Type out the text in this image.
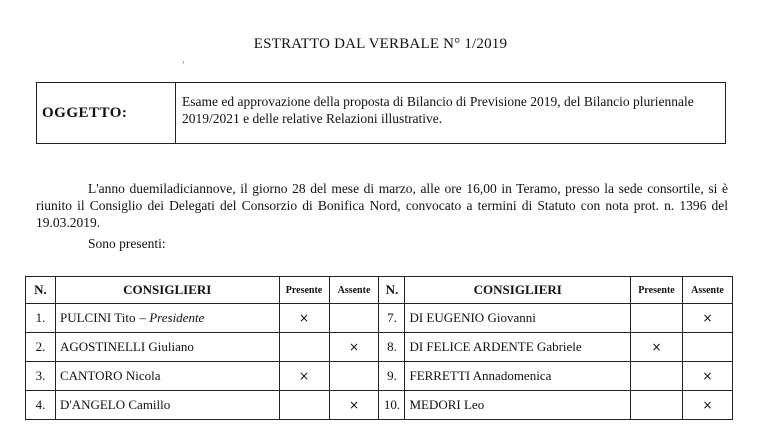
ESTRATTO DAL VERBALE N° 1/2019
OGGETTO:
Esame ed approvazione della proposta di Bilancio di Previsione 2019, del Bilancio pluriennale 2019/2021 e delle relative Relazioni illustrative.
L'anno duemiladiciannove, il giorno 28 del mese di marzo, alle ore 16,00 in Teramo, presso la sede consortile, si è riunito il Consiglio dei Delegati del Consorzio di Bonifica Nord, convocato a termini di Statuto con nota prot. n. 1396 del 19.03.2019.
Sono presenti:
N.	CONSIGLIERI	Presente	Assente	N.	CONSIGLIERI	Presente	Assente
1.	PULCINI Tito – Presidente	×		7.	DI EUGENIO Giovanni		×
2.	AGOSTINELLI Giuliano		×	8.	DI FELICE ARDENTE Gabriele	×	
3.	CANTORO Nicola	×		9.	FERRETTI Annadomenica		×
4.	D'ANGELO Camillo		×	10.	MEDORI Leo		×
'
